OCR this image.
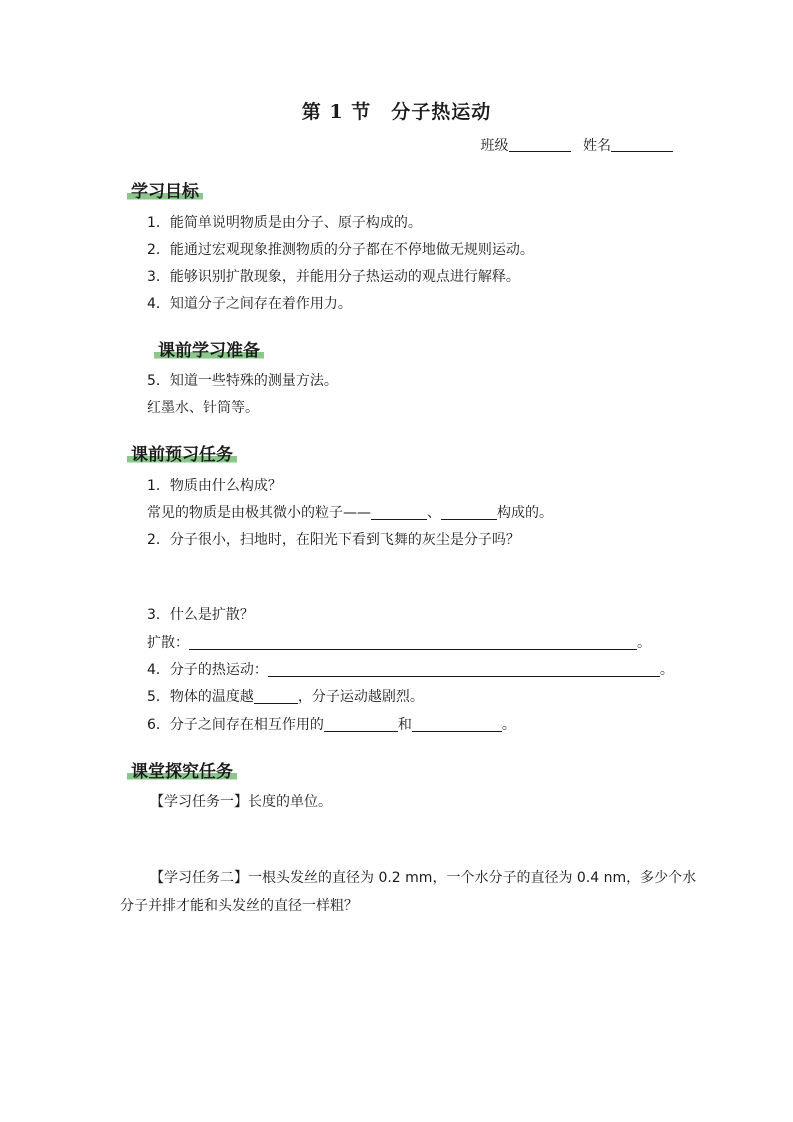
第 1 节　分子热运动
班级	姓名
学习目标
1．能简单说明物质是由分子、原子构成的。
2．能通过宏观现象推测物质的分子都在不停地做无规则运动。
3．能够识别扩散现象，并能用分子热运动的观点进行解释。
4．知道分子之间存在着作用力。
课前学习准备
5．知道一些特殊的测量方法。
红墨水、针筒等。
课前预习任务
1．物质由什么构成？
常见的物质是由极其微小的粒子——	、	构成的。
2．分子很小，扫地时，在阳光下看到飞舞的灰尘是分子吗？
3．什么是扩散？
扩散：	。
4．分子的热运动：	。
5．物体的温度越	，分子运动越剧烈。
6．分子之间存在相互作用的	和	。
课堂探究任务
【学习任务一】长度的单位。
【学习任务二】一根头发丝的直径为 0.2 mm，一个水分子的直径为 0.4 nm，多少个水
分子并排才能和头发丝的直径一样粗？
